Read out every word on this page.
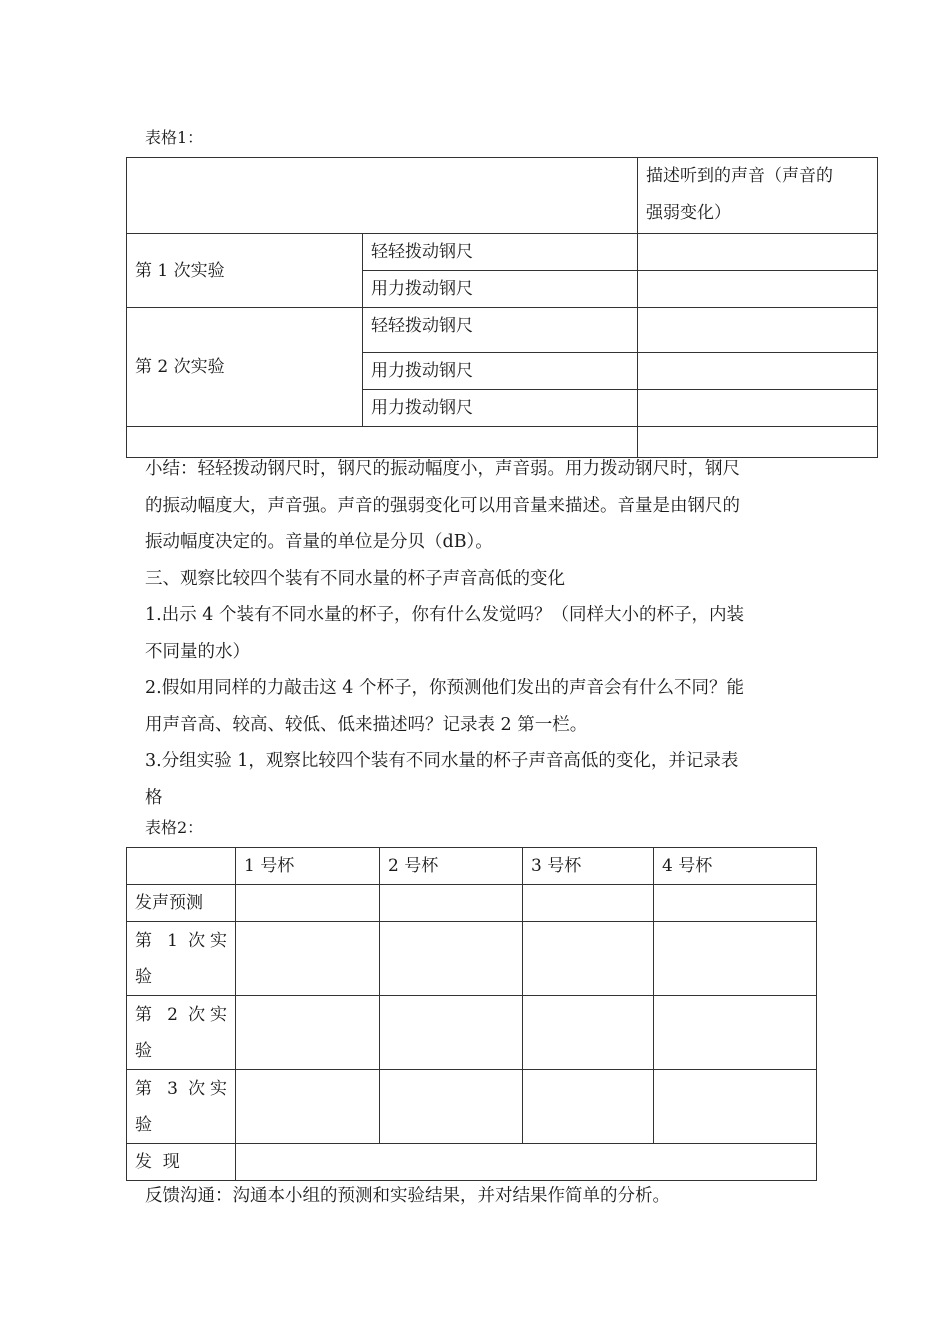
表格1：

		描述听到的声音（声音的
强弱变化）

第 1 次实验	轻轻拨动钢尺	
	用力拨动钢尺	
第 2 次实验	轻轻拨动钢尺	
	用力拨动钢尺	
	用力拨动钢尺	

小结：轻轻拨动钢尺时，钢尺的振动幅度小，声音弱。用力拨动钢尺时，钢尺
的振动幅度大，声音强。声音的强弱变化可以用音量来描述。音量是由钢尺的
振动幅度决定的。音量的单位是分贝（dB）。

三、观察比较四个装有不同水量的杯子声音高低的变化

1.出示 4 个装有不同水量的杯子，你有什么发觉吗？（同样大小的杯子，内装
不同量的水）

2.假如用同样的力敲击这 4 个杯子，你预测他们发出的声音会有什么不同？能
用声音高、较高、较低、低来描述吗？记录表 2 第一栏。

3.分组实验 1，观察比较四个装有不同水量的杯子声音高低的变化，并记录表
格

表格2：
	1 号杯	2 号杯	3 号杯	4 号杯
发声预测				

第 1 次实
验				

第 2 次实
验				

第 3 次实
验				

发  现				

反馈沟通：沟通本小组的预测和实验结果，并对结果作简单的分析。
